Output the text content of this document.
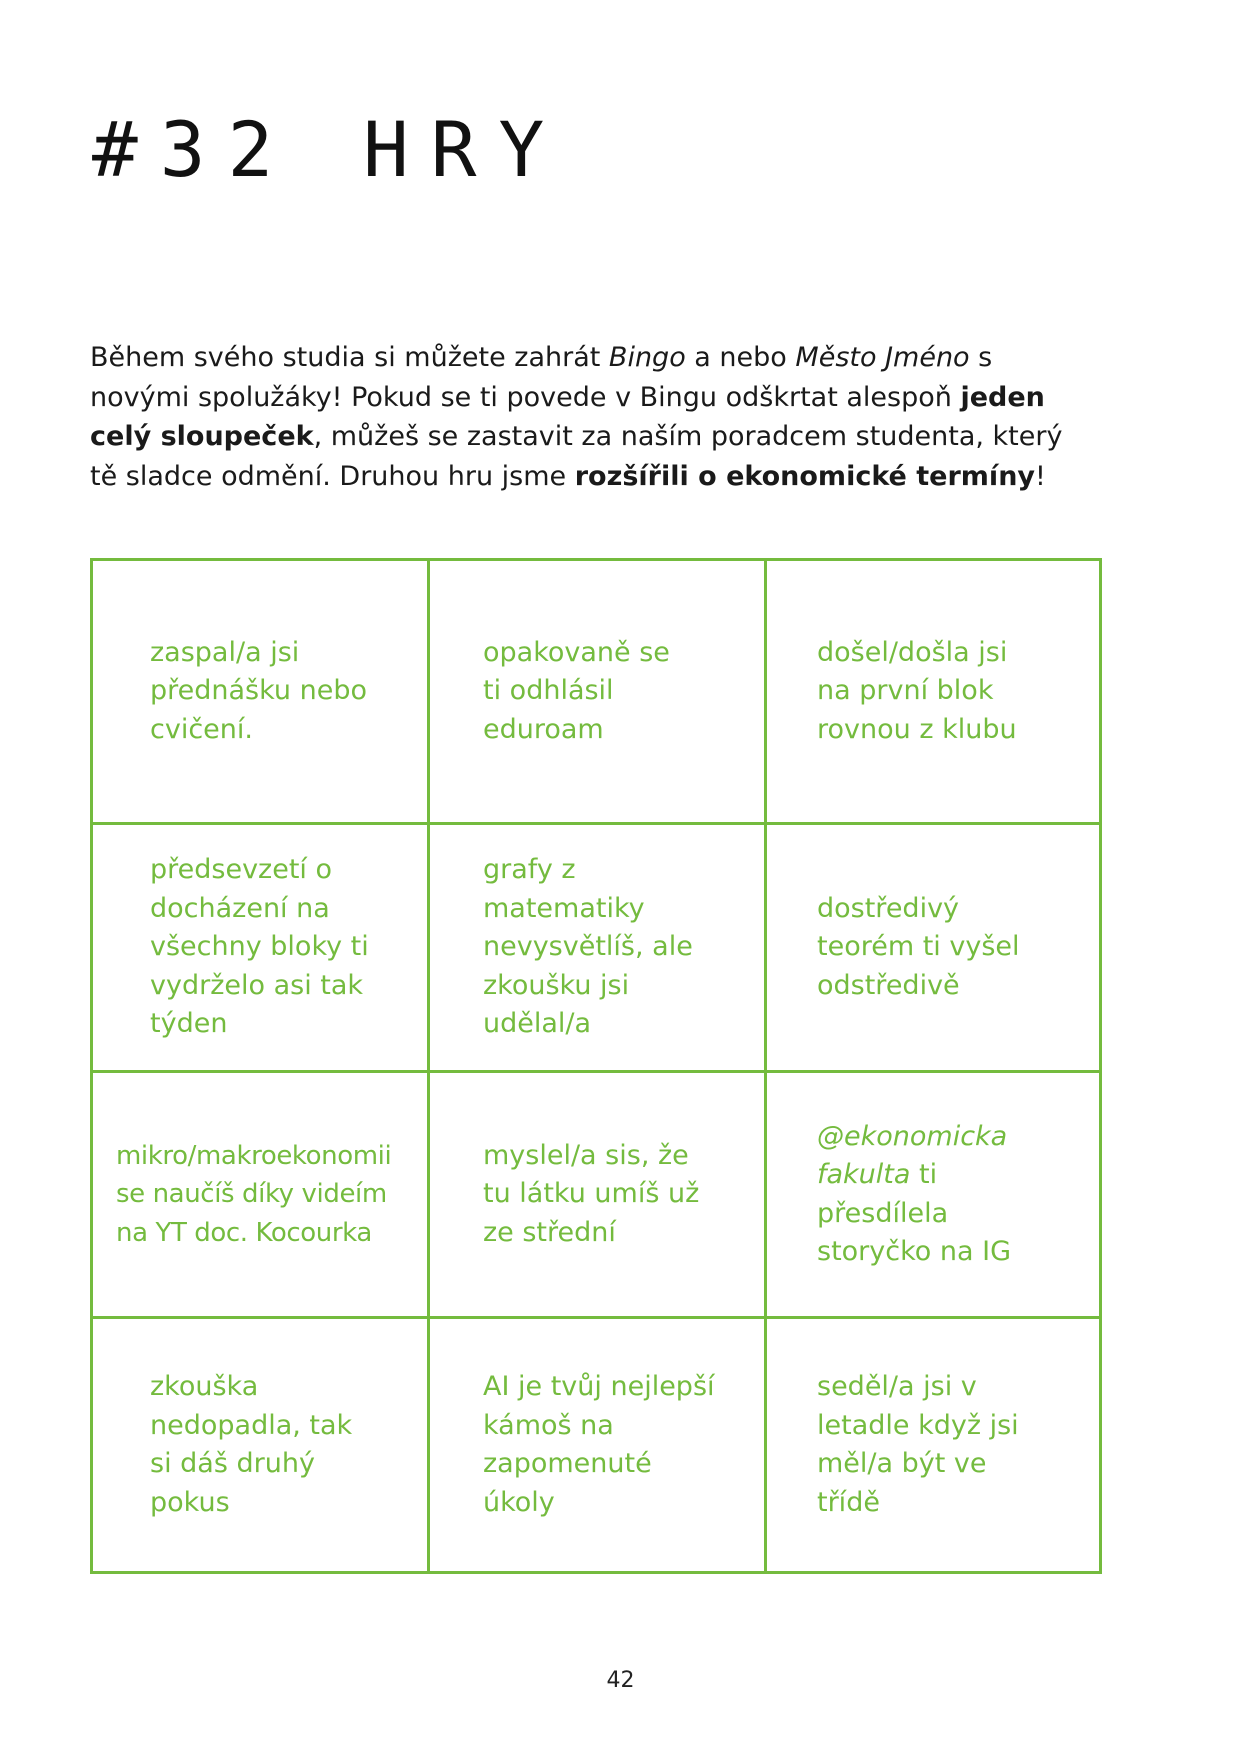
#32 HRY

Během svého studia si můžete zahrát Bingo a nebo Město Jméno s novými spolužáky! Pokud se ti povede v Bingu odškrtat alespoň jeden celý sloupeček, můžeš se zastavit za naším poradcem studenta, který tě sladce odmění. Druhou hru jsme rozšířili o ekonomické termíny!

zaspal/a jsi přednášku nebo cvičení.
opakovaně se ti odhlásil eduroam
došel/došla jsi na první blok rovnou z klubu
předsevzetí o docházení na všechny bloky ti vydrželo asi tak týden
grafy z matematiky nevysvětlíš, ale zkoušku jsi udělal/a
dostředivý teorém ti vyšel odstředivě
mikro/makroekonomii se naučíš díky videím na YT doc. Kocourka
myslel/a sis, že tu látku umíš už ze střední
@ekonomicka fakulta ti přesdílela storyčko na IG
zkouška nedopadla, tak si dáš druhý pokus
AI je tvůj nejlepší kámoš na zapomenuté úkoly
seděl/a jsi v letadle když jsi měl/a být ve třídě
42
